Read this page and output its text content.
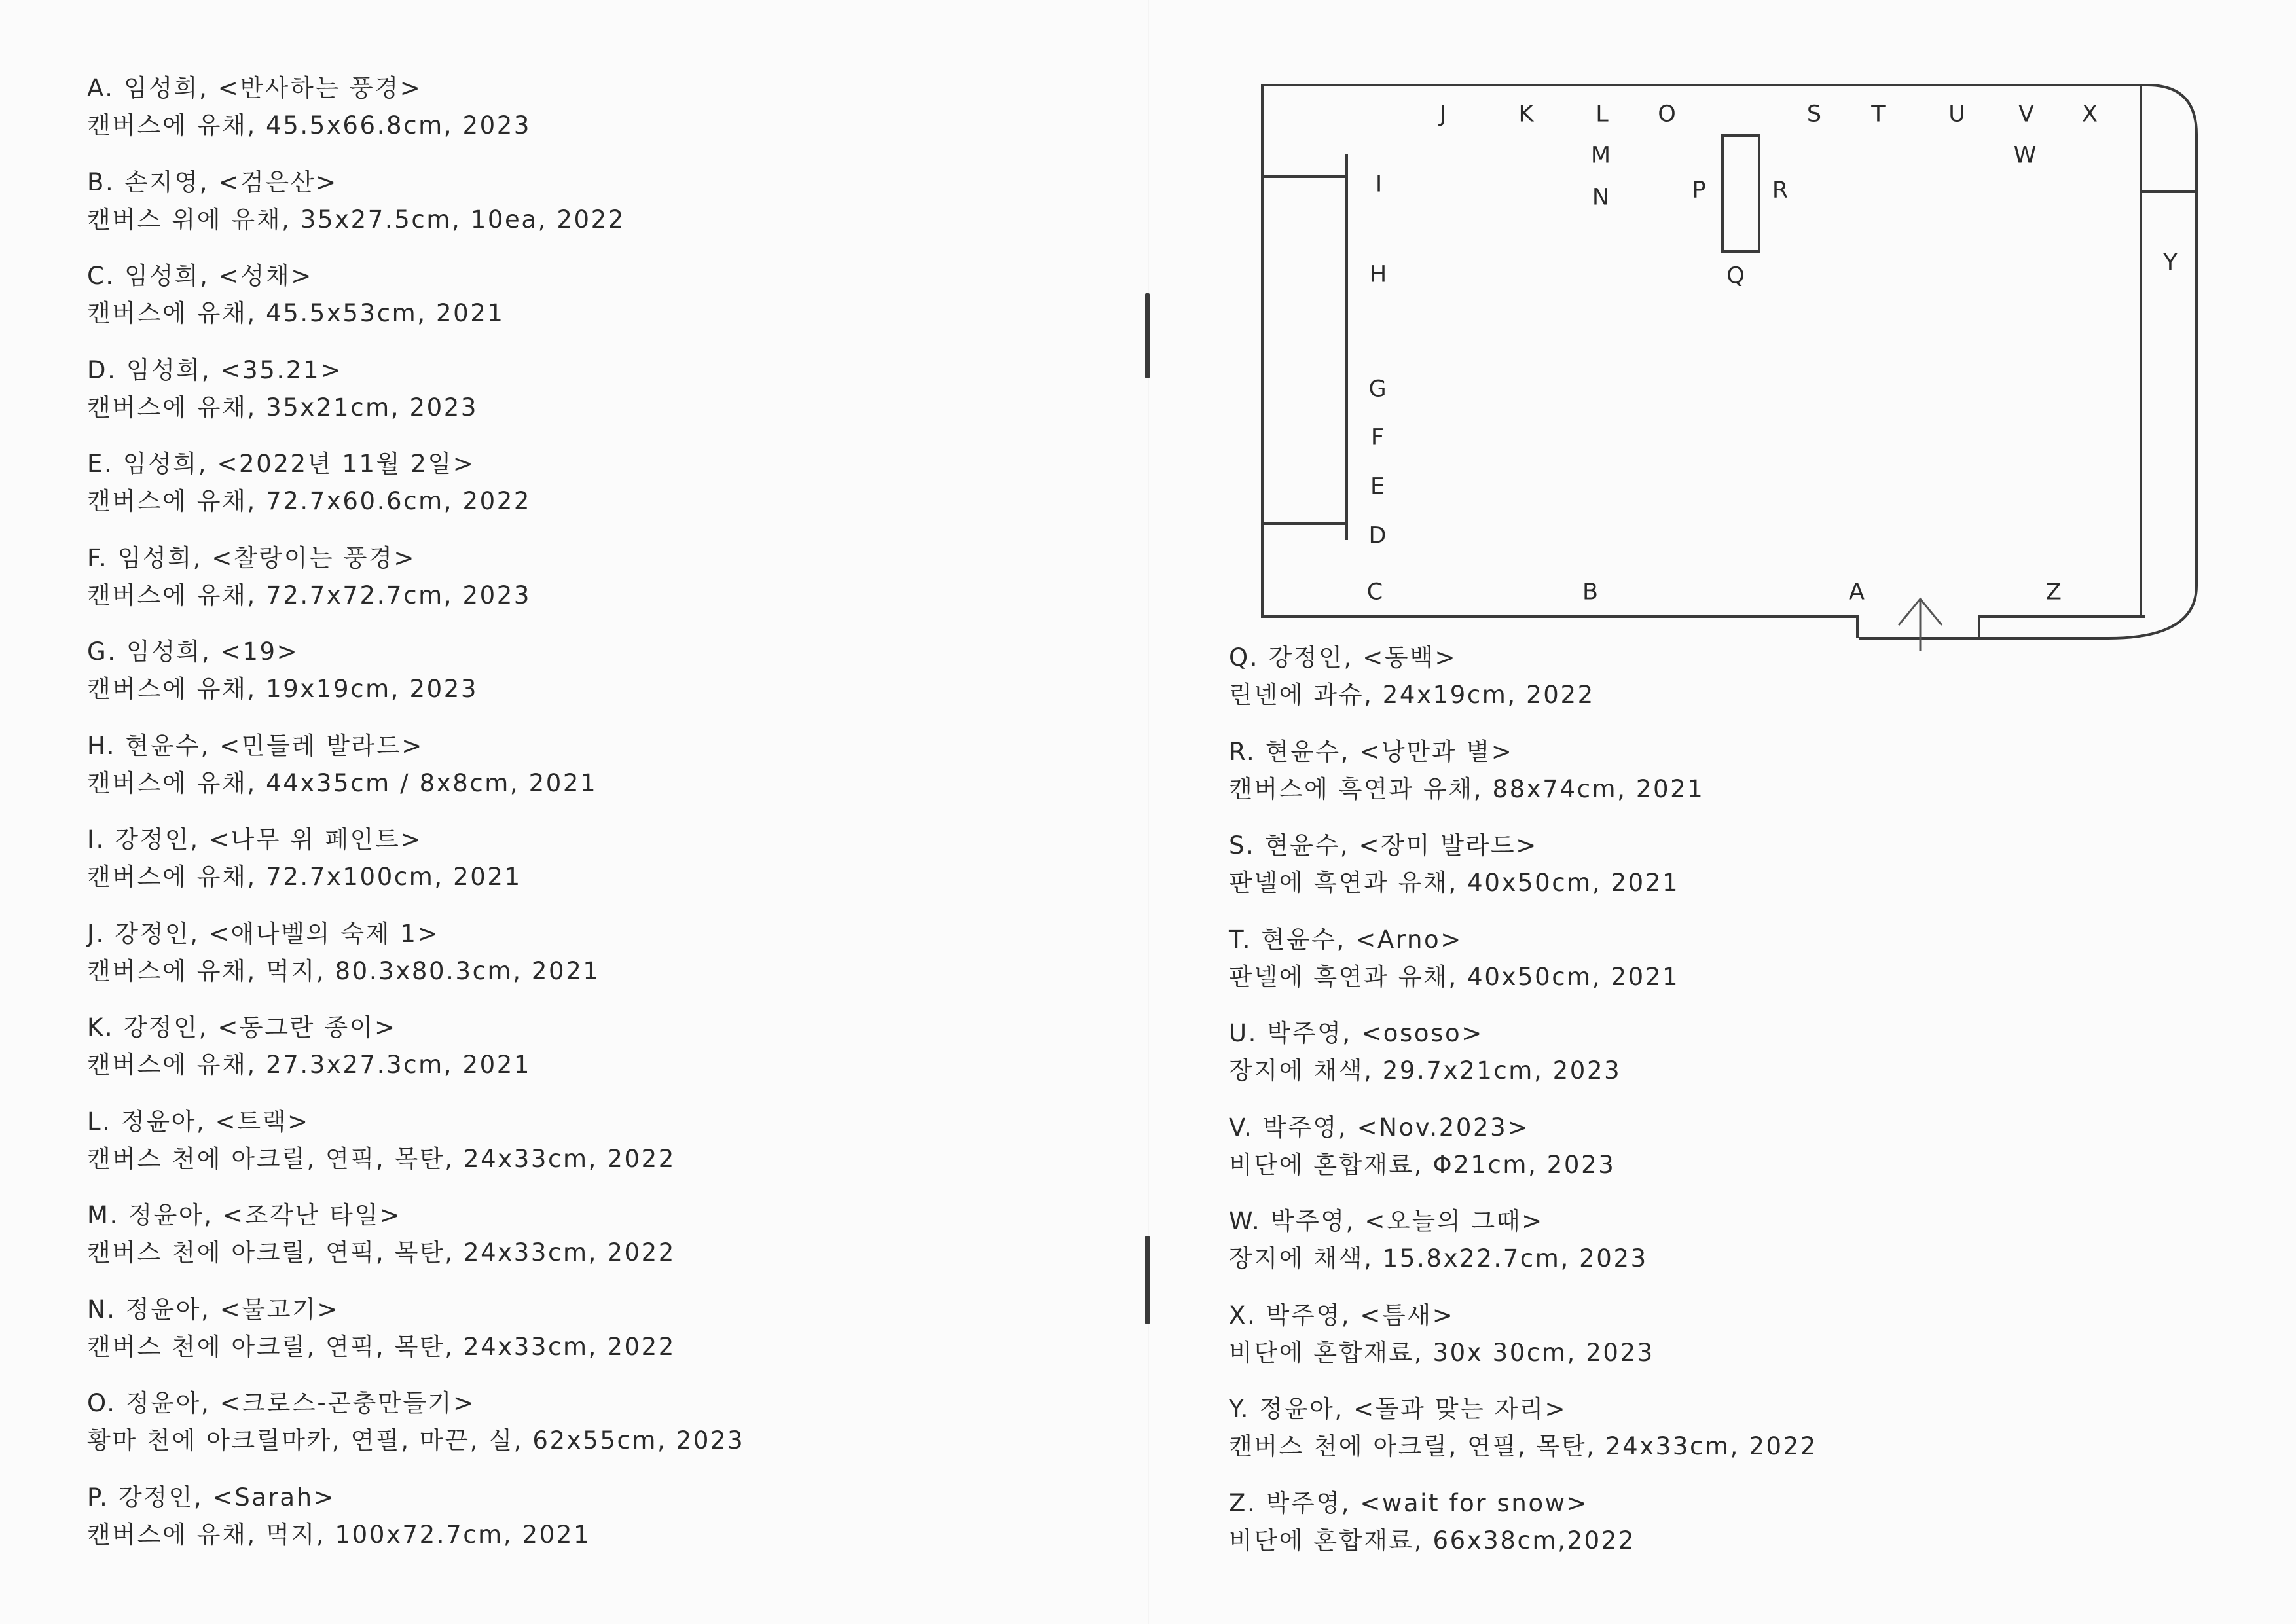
A. 임성희, <반사하는 풍경>
캔버스에 유채, 45.5x66.8cm, 2023
B. 손지영, <검은산>
캔버스 위에 유채, 35x27.5cm, 10ea, 2022
C. 임성희, <성채>
캔버스에 유채, 45.5x53cm, 2021
D. 임성희, <35.21>
캔버스에 유채, 35x21cm, 2023
E. 임성희, <2022년 11월 2일>
캔버스에 유채, 72.7x60.6cm, 2022
F. 임성희, <찰랑이는 풍경>
캔버스에 유채, 72.7x72.7cm, 2023
G. 임성희, <19>
캔버스에 유채, 19x19cm, 2023
H. 현윤수, <민들레 발라드>
캔버스에 유채, 44x35cm / 8x8cm, 2021
I. 강정인, <나무 위 페인트>
캔버스에 유채, 72.7x100cm, 2021
J. 강정인, <애나벨의 숙제 1>
캔버스에 유채, 먹지, 80.3x80.3cm, 2021
K. 강정인, <동그란 종이>
캔버스에 유채, 27.3x27.3cm, 2021
L. 정윤아, <트랙>
캔버스 천에 아크릴, 연픽, 목탄, 24x33cm, 2022
M. 정윤아, <조각난 타일>
캔버스 천에 아크릴, 연픽, 목탄, 24x33cm, 2022
N. 정윤아, <물고기>
캔버스 천에 아크릴, 연픽, 목탄, 24x33cm, 2022
O. 정윤아, <크로스-곤충만들기>
황마 천에 아크릴마카, 연필, 마끈, 실, 62x55cm, 2023
P. 강정인, <Sarah>
캔버스에 유채, 먹지, 100x72.7cm, 2021
Q. 강정인, <동백>
린넨에 과슈, 24x19cm, 2022
R. 현윤수, <낭만과 별>
캔버스에 흑연과 유채, 88x74cm, 2021
S. 현윤수, <장미 발라드>
판넬에 흑연과 유채, 40x50cm, 2021
T. 현윤수, <Arno>
판넬에 흑연과 유채, 40x50cm, 2021
U. 박주영, <ososo>
장지에 채색, 29.7x21cm, 2023
V. 박주영, <Nov.2023>
비단에 혼합재료, Φ21cm, 2023
W. 박주영, <오늘의 그때>
장지에 채색, 15.8x22.7cm, 2023
X. 박주영, <틈새>
비단에 혼합재료, 30x 30cm, 2023
Y. 정윤아, <돌과 맞는 자리>
캔버스 천에 아크릴, 연필, 목탄, 24x33cm, 2022
Z. 박주영, <wait for snow>
비단에 혼합재료, 66x38cm,2022
J	K	L O	S T	U V X
M	W
N	P	R
I
H	Q	Y
G
F
E
D
C	B	A	Z
